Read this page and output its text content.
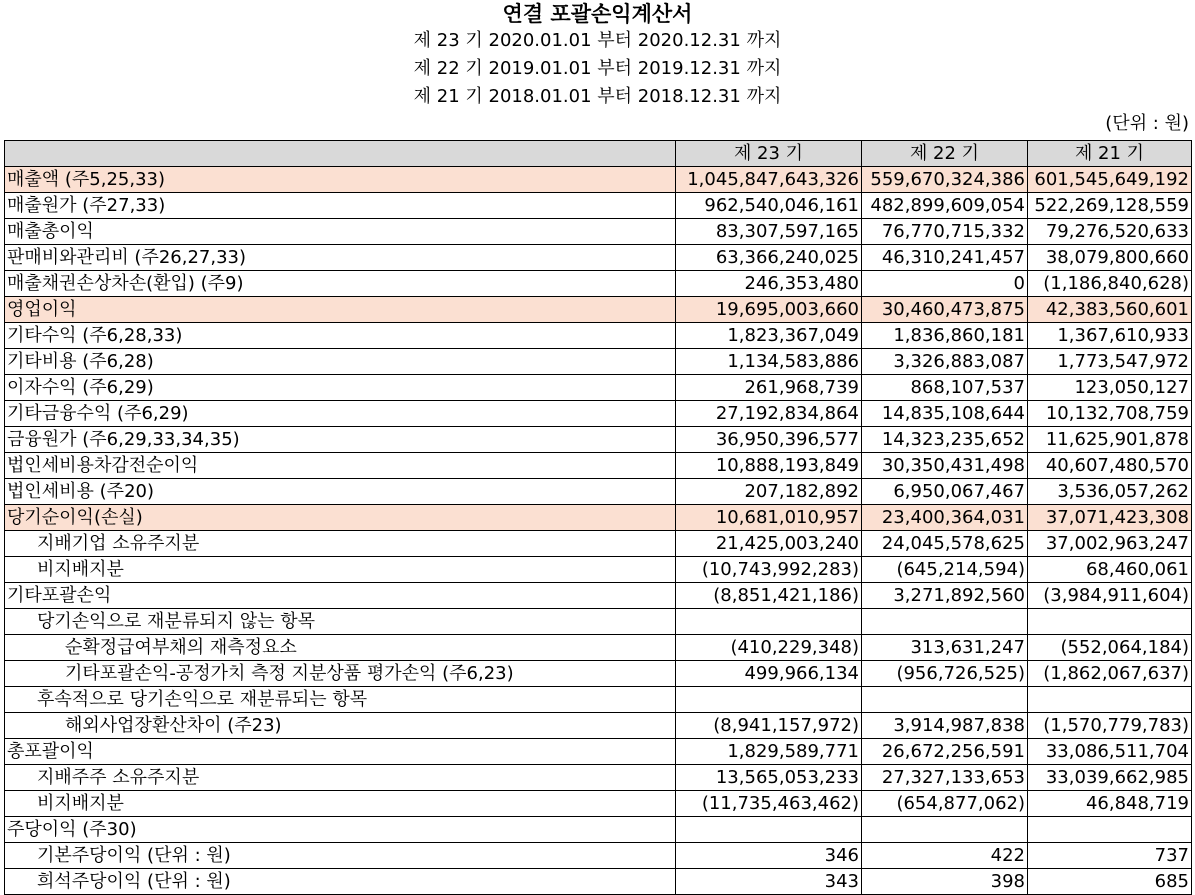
연결 포괄손익계산서
제 23 기 2020.01.01 부터 2020.12.31 까지
제 22 기 2019.01.01 부터 2019.12.31 까지
제 21 기 2018.01.01 부터 2018.12.31 까지
(단위 : 원)
	제 23 기	제 22 기	제 21 기
매출액 (주5,25,33)	1,045,847,643,326	559,670,324,386	601,545,649,192
매출원가 (주27,33)	962,540,046,161	482,899,609,054	522,269,128,559
매출총이익	83,307,597,165	76,770,715,332	79,276,520,633
판매비와관리비 (주26,27,33)	63,366,240,025	46,310,241,457	38,079,800,660
매출채권손상차손(환입) (주9)	246,353,480	0	(1,186,840,628)
영업이익	19,695,003,660	30,460,473,875	42,383,560,601
기타수익 (주6,28,33)	1,823,367,049	1,836,860,181	1,367,610,933
기타비용 (주6,28)	1,134,583,886	3,326,883,087	1,773,547,972
이자수익 (주6,29)	261,968,739	868,107,537	123,050,127
기타금융수익 (주6,29)	27,192,834,864	14,835,108,644	10,132,708,759
금융원가 (주6,29,33,34,35)	36,950,396,577	14,323,235,652	11,625,901,878
법인세비용차감전순이익	10,888,193,849	30,350,431,498	40,607,480,570
법인세비용 (주20)	207,182,892	6,950,067,467	3,536,057,262
당기순이익(손실)	10,681,010,957	23,400,364,031	37,071,423,308
지배기업 소유주지분	21,425,003,240	24,045,578,625	37,002,963,247
비지배지분	(10,743,992,283)	(645,214,594)	68,460,061
기타포괄손익	(8,851,421,186)	3,271,892,560	(3,984,911,604)
당기손익으로 재분류되지 않는 항목			
순확정급여부채의 재측정요소	(410,229,348)	313,631,247	(552,064,184)
기타포괄손익-공정가치 측정 지분상품 평가손익 (주6,23)	499,966,134	(956,726,525)	(1,862,067,637)
후속적으로 당기손익으로 재분류되는 항목			
해외사업장환산차이 (주23)	(8,941,157,972)	3,914,987,838	(1,570,779,783)
총포괄이익	1,829,589,771	26,672,256,591	33,086,511,704
지배주주 소유주지분	13,565,053,233	27,327,133,653	33,039,662,985
비지배지분	(11,735,463,462)	(654,877,062)	46,848,719
주당이익 (주30)			
기본주당이익 (단위 : 원)	346	422	737
희석주당이익 (단위 : 원)	343	398	685
